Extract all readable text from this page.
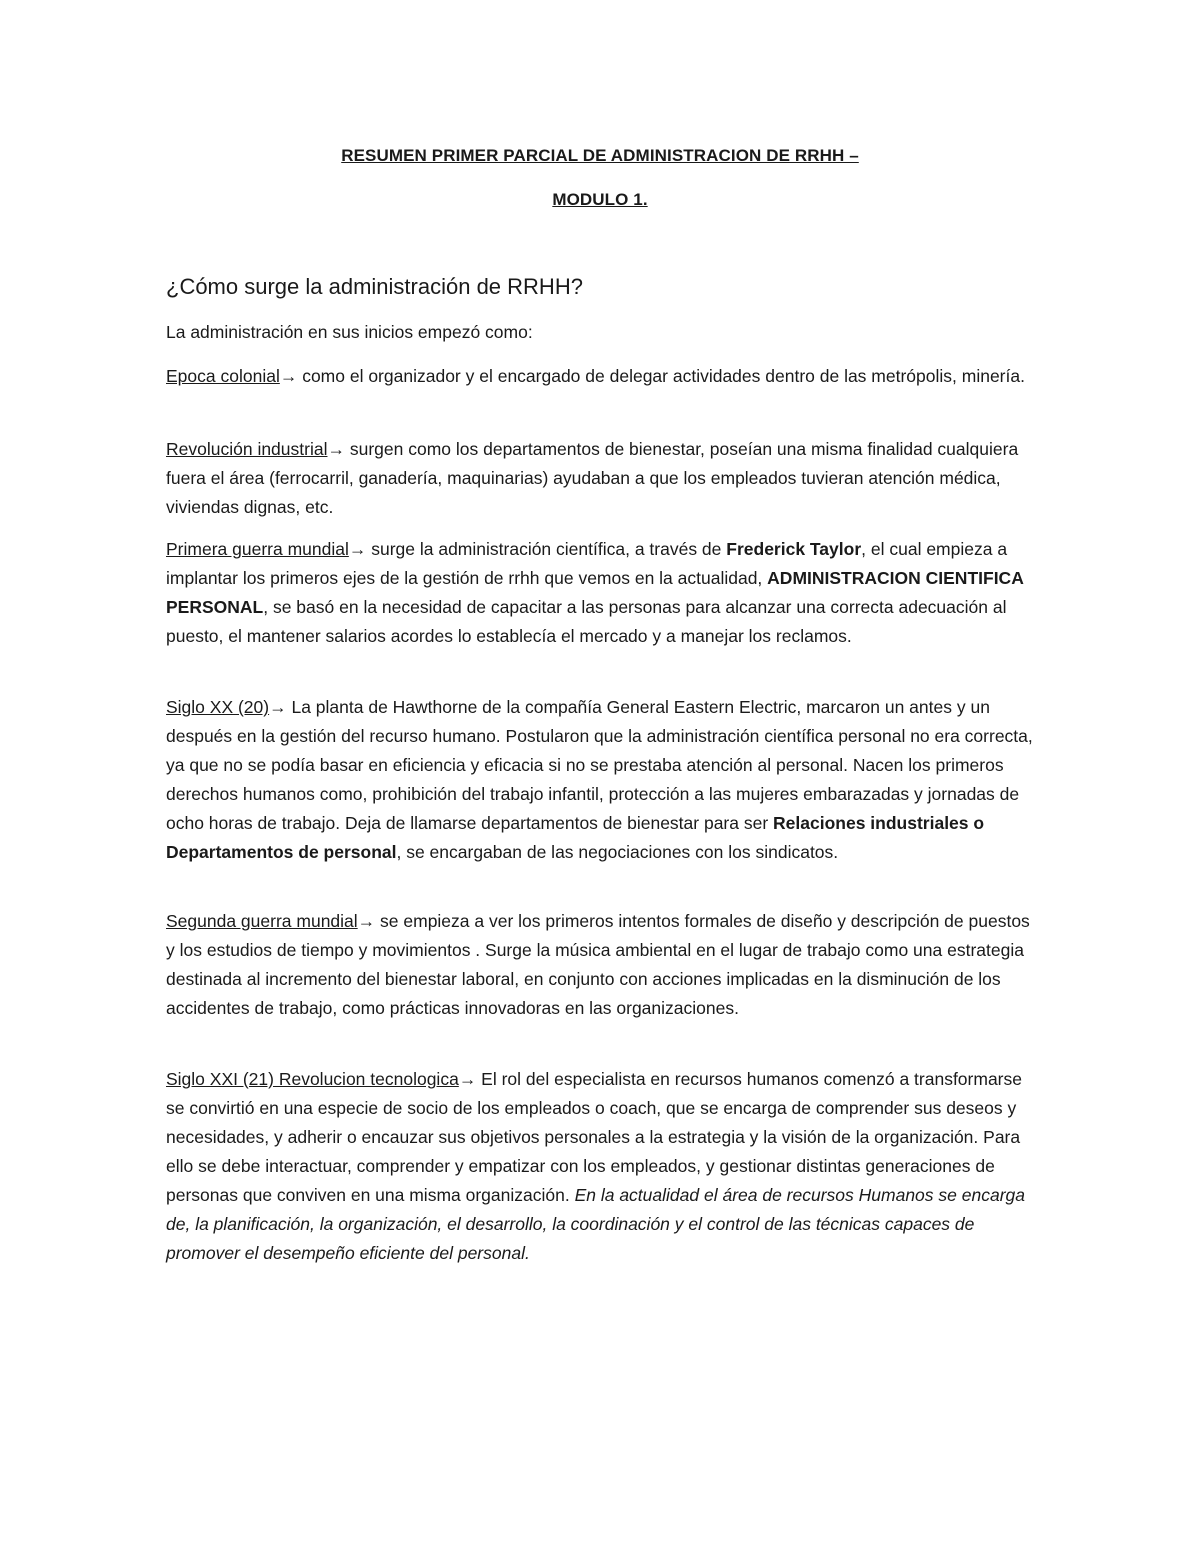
RESUMEN PRIMER PARCIAL DE ADMINISTRACION DE RRHH –
MODULO 1.
¿Cómo surge la administración de RRHH?

La administración en sus inicios empezó como:

Epoca colonial→ como el organizador y el encargado de delegar actividades dentro de las metrópolis, minería.

Revolución industrial→ surgen como los departamentos de bienestar, poseían una misma finalidad cualquiera fuera el área (ferrocarril, ganadería, maquinarias) ayudaban a que los empleados tuvieran atención médica, viviendas dignas, etc.

Primera guerra mundial→ surge la administración científica, a través de Frederick Taylor, el cual empieza a implantar los primeros ejes de la gestión de rrhh que vemos en la actualidad, ADMINISTRACION CIENTIFICA PERSONAL, se basó en la necesidad de capacitar a las personas para alcanzar una correcta adecuación al puesto, el mantener salarios acordes lo establecía el mercado y a manejar los reclamos.

Siglo XX (20)→ La planta de Hawthorne de la compañía General Eastern Electric, marcaron un antes y un después en la gestión del recurso humano. Postularon que la administración científica personal no era correcta, ya que no se podía basar en eficiencia y eficacia si no se prestaba atención al personal. Nacen los primeros derechos humanos como, prohibición del trabajo infantil, protección a las mujeres embarazadas y jornadas de ocho horas de trabajo. Deja de llamarse departamentos de bienestar para ser Relaciones industriales o Departamentos de personal, se encargaban de las negociaciones con los sindicatos.

Segunda guerra mundial→ se empieza a ver los primeros intentos formales de diseño y descripción de puestos y los estudios de tiempo y movimientos . Surge la música ambiental en el lugar de trabajo como una estrategia destinada al incremento del bienestar laboral, en conjunto con acciones implicadas en la disminución de los accidentes de trabajo, como prácticas innovadoras en las organizaciones.

Siglo XXI (21) Revolucion tecnologica→ El rol del especialista en recursos humanos comenzó a transformarse se convirtió en una especie de socio de los empleados o coach, que se encarga de comprender sus deseos y necesidades, y adherir o encauzar sus objetivos personales a la estrategia y la visión de la organización. Para ello se debe interactuar, comprender y empatizar con los empleados, y gestionar distintas generaciones de personas que conviven en una misma organización. En la actualidad el área de recursos Humanos se encarga de, la planificación, la organización, el desarrollo, la coordinación y el control de las técnicas capaces de promover el desempeño eficiente del personal.
